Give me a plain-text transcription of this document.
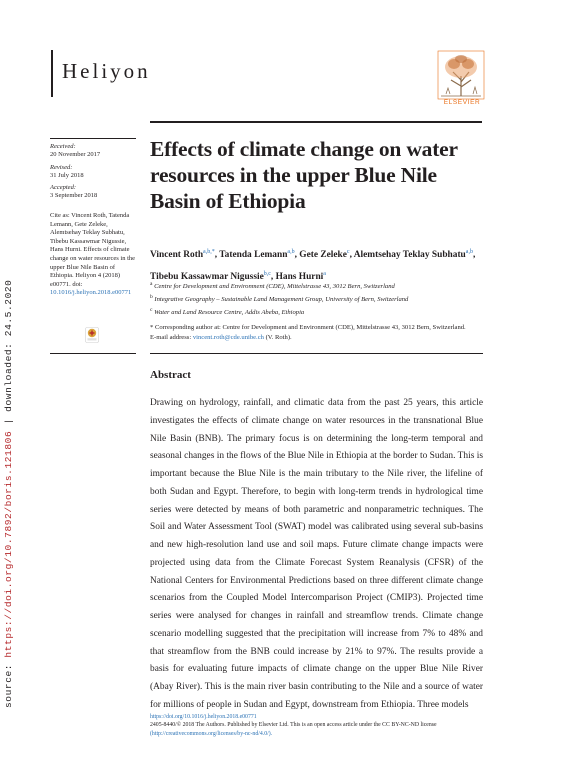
Heliyon
ELSEVIER
source: https://doi.org/10.7892/boris.121806 | downloaded: 24.5.2020
Received:
20 November 2017
Revised:
31 July 2018
Accepted:
3 September 2018
Cite as: Vincent Roth, Tatenda Lemann, Gete Zeleke, Alemtsehay Teklay Subhatu, Tibebu Kassawmar Nigussie, Hans Hurni. Effects of climate change on water resources in the upper Blue Nile Basin of Ethiopia. Heliyon 4 (2018) e00771. doi: 10.1016/j.heliyon.2018.e00771
Effects of climate change on water resources in the upper Blue Nile Basin of Ethiopia
Vincent Roth$^{a,b,*}$, Tatenda Lemann$^{a,b}$, Gete Zeleke$^c$, Alemtsehay Teklay Subhatu$^{a,b}$,
Tibebu Kassawmar Nigussie$^{b,c}$, Hans Hurni$^a$
$^a$ Centre for Development and Environment (CDE), Mittelstrasse 43, 3012 Bern, Switzerland
$^b$ Integrative Geography – Sustainable Land Management Group, University of Bern, Switzerland
$^c$ Water and Land Resource Centre, Addis Abeba, Ethiopia
* Corresponding author at: Centre for Development and Environment (CDE), Mittelstrasse 43, 3012 Bern, Switzerland.
E-mail address: vincent.roth@cde.unibe.ch (V. Roth).
Abstract
Drawing on hydrology, rainfall, and climatic data from the past 25 years, this article investigates the effects of climate change on water resources in the transnational Blue Nile Basin (BNB). The primary focus is on determining the long-term temporal and seasonal changes in the flows of the Blue Nile in Ethiopia at the border to Sudan. This is important because the Blue Nile is the main tributary to the Nile river, the lifeline of both Sudan and Egypt. Therefore, to begin with long-term trends in hydrological time series were detected by means of both parametric and nonparametric techniques. The Soil and Water Assessment Tool (SWAT) model was calibrated using several sub-basins and new high-resolution land use and soil maps. Future climate change impacts were projected using data from the Climate Forecast System Reanalysis (CFSR) of the National Centers for Environmental Predictions based on three different climate change scenarios from the Coupled Model Intercomparison Project (CMIP3). Projected time series were analysed for changes in rainfall and streamflow trends. Climate change scenario modelling suggested that the precipitation will increase from 7% to 48% and that streamflow from the BNB could increase by 21% to 97%. The results provide a basis for evaluating future impacts of climate change on the upper Blue Nile River (Abay River). This is the main river basin contributing to the Nile and a source of water for millions of people in Sudan and Egypt, downstream from Ethiopia. Three models
https://doi.org/10.1016/j.heliyon.2018.e00771
2405-8440/© 2018 The Authors. Published by Elsevier Ltd. This is an open access article under the CC BY-NC-ND license
(http://creativecommons.org/licenses/by-nc-nd/4.0/).
